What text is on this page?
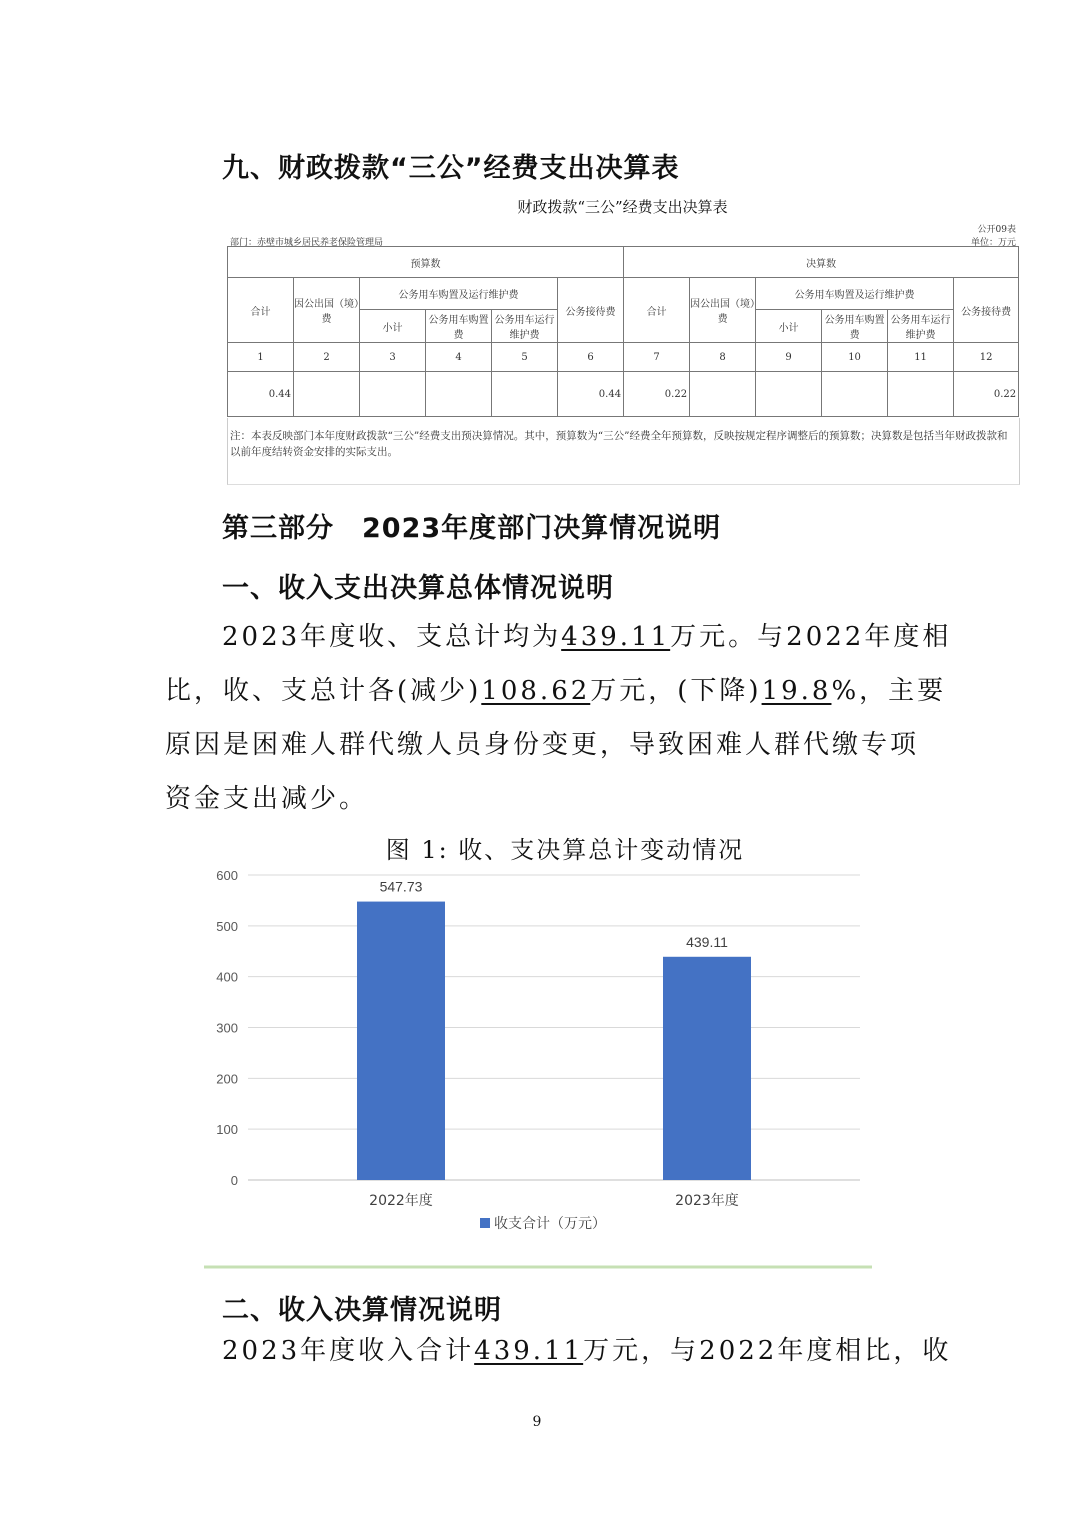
九、财政拨款“三公”经费支出决算表
财政拨款“三公”经费支出决算表
公开09表
部门：赤壁市城乡居民养老保险管理局	单位：万元
预算数						决算数					
合计	因公出国（境）费	公务用车购置及运行维护费			公务接待费	合计	因公出国（境）费	公务用车购置及运行维护费			公务接待费
		小计	公务用车购置费	公务用车运行维护费				小计	公务用车购置费	公务用车运行维护费	
1	2	3	4	5	6	7	8	9	10	11	12
0.44					0.44	0.22					0.22
注：本表反映部门本年度财政拨款“三公”经费支出预决算情况。其中，预算数为“三公”经费全年预算数，反映按规定程序调整后的预算数；决算数是包括当年财政拨款和以前年度结转资金安排的实际支出。
第三部分　2023年度部门决算情况说明
一、收入支出决算总体情况说明
2023年度收、支总计均为439.11万元。与2022年度相
比，收、支总计各(减少)108.62万元，(下降)19.8%，主要
原因是困难人群代缴人员身份变更，导致困难人群代缴专项
资金支出减少。
图 1: 收、支决算总计变动情况
0
100
200
300
400
500
600
547.73
2022年度
439.11
2023年度
收支合计（万元）
二、收入决算情况说明
2023年度收入合计439.11万元，与2022年度相比，收
9
